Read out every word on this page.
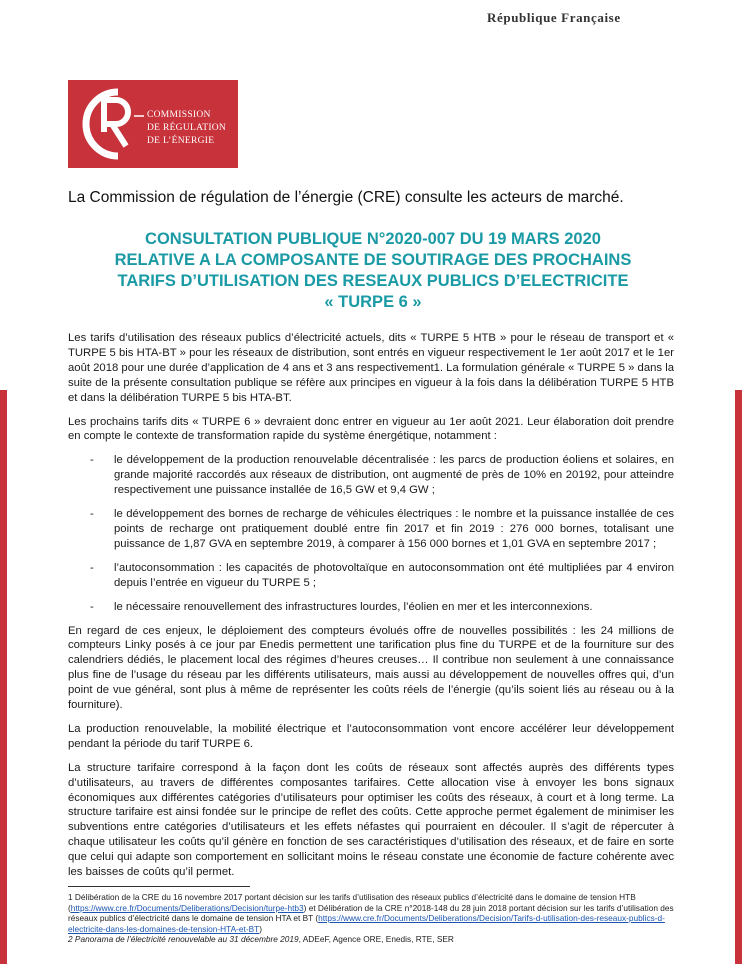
République Française
COMMISSION
DE RÉGULATION
DE L’ÉNERGIE
La Commission de régulation de l’énergie (CRE) consulte les acteurs de marché.
CONSULTATION PUBLIQUE N°2020-007 DU 19 MARS 2020
RELATIVE A LA COMPOSANTE DE SOUTIRAGE DES PROCHAINS
TARIFS D’UTILISATION DES RESEAUX PUBLICS D’ELECTRICITE
« TURPE 6 »

Les tarifs d’utilisation des réseaux publics d’électricité actuels, dits « TURPE 5 HTB » pour le réseau de transport et « TURPE 5 bis HTA-BT » pour les réseaux de distribution, sont entrés en vigueur respectivement le 1er août 2017 et le 1er août 2018 pour une durée d’application de 4 ans et 3 ans respectivement1. La formulation générale « TURPE 5 » dans la suite de la présente consultation publique se réfère aux principes en vigueur à la fois dans la délibération TURPE 5 HTB et dans la délibération TURPE 5 bis HTA-BT.

Les prochains tarifs dits « TURPE 6 » devraient donc entrer en vigueur au 1er août 2021. Leur élaboration doit prendre en compte le contexte de transformation rapide du système énergétique, notamment :

- le développement de la production renouvelable décentralisée : les parcs de production éoliens et solaires, en grande majorité raccordés aux réseaux de distribution, ont augmenté de près de 10% en 20192, pour atteindre respectivement une puissance installée de 16,5 GW et 9,4 GW ;
- le développement des bornes de recharge de véhicules électriques : le nombre et la puissance installée de ces points de recharge ont pratiquement doublé entre fin 2017 et fin 2019 : 276 000 bornes, totalisant une puissance de 1,87 GVA en septembre 2019, à comparer à 156 000 bornes et 1,01 GVA en septembre 2017 ;
- l’autoconsommation : les capacités de photovoltaïque en autoconsommation ont été multipliées par 4 environ depuis l’entrée en vigueur du TURPE 5 ;
- le nécessaire renouvellement des infrastructures lourdes, l’éolien en mer et les interconnexions.

En regard de ces enjeux, le déploiement des compteurs évolués offre de nouvelles possibilités : les 24 millions de compteurs Linky posés à ce jour par Enedis permettent une tarification plus fine du TURPE et de la fourniture sur des calendriers dédiés, le placement local des régimes d’heures creuses… Il contribue non seulement à une connaissance plus fine de l’usage du réseau par les différents utilisateurs, mais aussi au développement de nouvelles offres qui, d’un point de vue général, sont plus à même de représenter les coûts réels de l’énergie (qu’ils soient liés au réseau ou à la fourniture).

La production renouvelable, la mobilité électrique et l’autoconsommation vont encore accélérer leur développement pendant la période du tarif TURPE 6.

La structure tarifaire correspond à la façon dont les coûts de réseaux sont affectés auprès des différents types d’utilisateurs, au travers de différentes composantes tarifaires. Cette allocation vise à envoyer les bons signaux économiques aux différentes catégories d’utilisateurs pour optimiser les coûts des réseaux, à court et à long terme. La structure tarifaire est ainsi fondée sur le principe de reflet des coûts. Cette approche permet également de minimiser les subventions entre catégories d’utilisateurs et les effets néfastes qui pourraient en découler. Il s’agit de répercuter à chaque utilisateur les coûts qu’il génère en fonction de ses caractéristiques d’utilisation des réseaux, et de faire en sorte que celui qui adapte son comportement en sollicitant moins le réseau constate une économie de facture cohérente avec les baisses de coûts qu’il permet.

1 Délibération de la CRE du 16 novembre 2017 portant décision sur les tarifs d’utilisation des réseaux publics d’électricité dans le domaine de tension HTB (https://www.cre.fr/Documents/Deliberations/Decision/turpe-htb3) et Délibération de la CRE n°2018-148 du 28 juin 2018 portant décision sur les tarifs d’utilisation des réseaux publics d’électricité dans le domaine de tension HTA et BT (https://www.cre.fr/Documents/Deliberations/Decision/Tarifs-d-utilisation-des-reseaux-publics-d-electricite-dans-les-domaines-de-tension-HTA-et-BT)
2 Panorama de l’électricité renouvelable au 31 décembre 2019, ADEeF, Agence ORE, Enedis, RTE, SER
